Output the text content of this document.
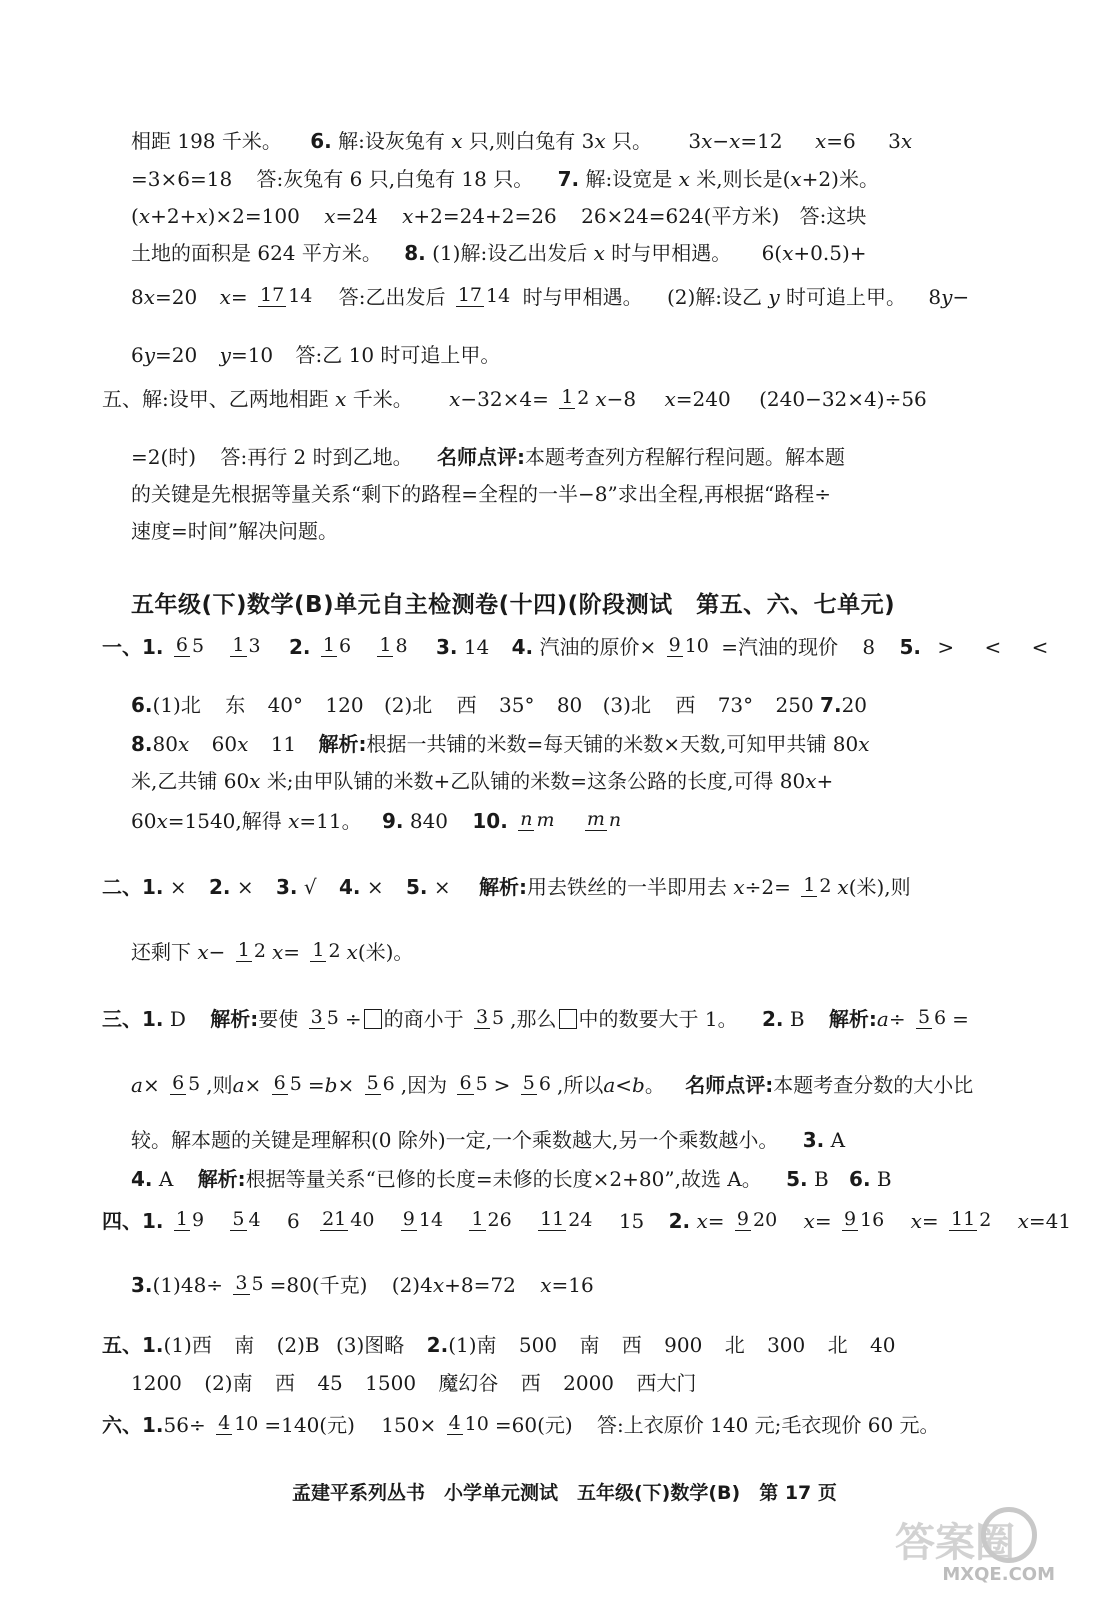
相距 198 千米。 6. 解:设灰兔有 x 只,则白兔有 3x 只。 3x−x=12 x=6 3x
=3×6=18 答:灰兔有 6 只,白兔有 18 只。 7. 解:设宽是 x 米,则长是(x+2)米。
(x+2+x)×2=100 x=24 x+2=24+2=26 26×24=624(平方米) 答:这块
土地的面积是 624 平方米。 8. (1)解:设乙出发后 x 时与甲相遇。 6(x+0.5)+
8x=20 x= 17 14 答:乙出发后 17 14 时与甲相遇。 (2)解:设乙 y 时可追上甲。 8y−
6y=20 y=10 答:乙 10 时可追上甲。
五、解:设甲、乙两地相距 x 千米。 x−32×4= 1 2 x−8 x=240 (240−32×4)÷56
=2(时) 答:再行 2 时到乙地。 名师点评:本题考查列方程解行程问题。解本题
的关键是先根据等量关系“剩下的路程=全程的一半−8”求出全程,再根据“路程÷
速度=时间”解决问题。
五年级(下)数学(B)单元自主检测卷(十四)(阶段测试　第五、六、七单元)
一、1. 6 5 1 3 2. 1 6 1 8 3. 14 4. 汽油的原价× 9 10 =汽油的现价 8 5. > < <
6.(1)北 东 40° 120 (2)北 西 35° 80 (3)北 西 73° 250 7.20
8.80x 60x 11 解析:根据一共铺的米数=每天铺的米数×天数,可知甲共铺 80x
米,乙共铺 60x 米;由甲队铺的米数+乙队铺的米数=这条公路的长度,可得 80x+
60x=1540,解得 x=11。 9. 840 10. n m m n
二、1. × 2. × 3. √ 4. × 5. × 解析:用去铁丝的一半即用去 x÷2= 1 2 x(米),则
还剩下 x− 1 2 x= 1 2 x(米)。
三、1. D 解析:要使 3 5 ÷ 的商小于 3 5 ,那么 中的数要大于 1。 2. B 解析:a÷ 5 6 =
a× 6 5 ,则a× 6 5 =b× 5 6 ,因为 6 5 > 5 6 ,所以a<b。 名师点评:本题考查分数的大小比
较。解本题的关键是理解积(0 除外)一定,一个乘数越大,另一个乘数越小。 3. A
4. A 解析:根据等量关系“已修的长度=未修的长度×2+80”,故选 A。 5. B 6. B
四、1. 1 9 5 4 6 21 40 9 14 1 26 11 24 15 2. x= 9 20 x= 9 16 x= 11 2 x=41
3.(1)48÷ 3 5 =80(千克) (2)4x+8=72 x=16
五、1.(1)西 南 (2)B (3)图略 2.(1)南 500 南 西 900 北 300 北 40
1200 (2)南 西 45 1500 魔幻谷 西 2000 西大门
六、1.56÷ 4 10 =140(元) 150× 4 10 =60(元) 答:上衣原价 140 元;毛衣现价 60 元。
孟建平系列丛书　小学单元测试　五年级(下)数学(B)　第 17 页
答案圈
MXQE.COM
